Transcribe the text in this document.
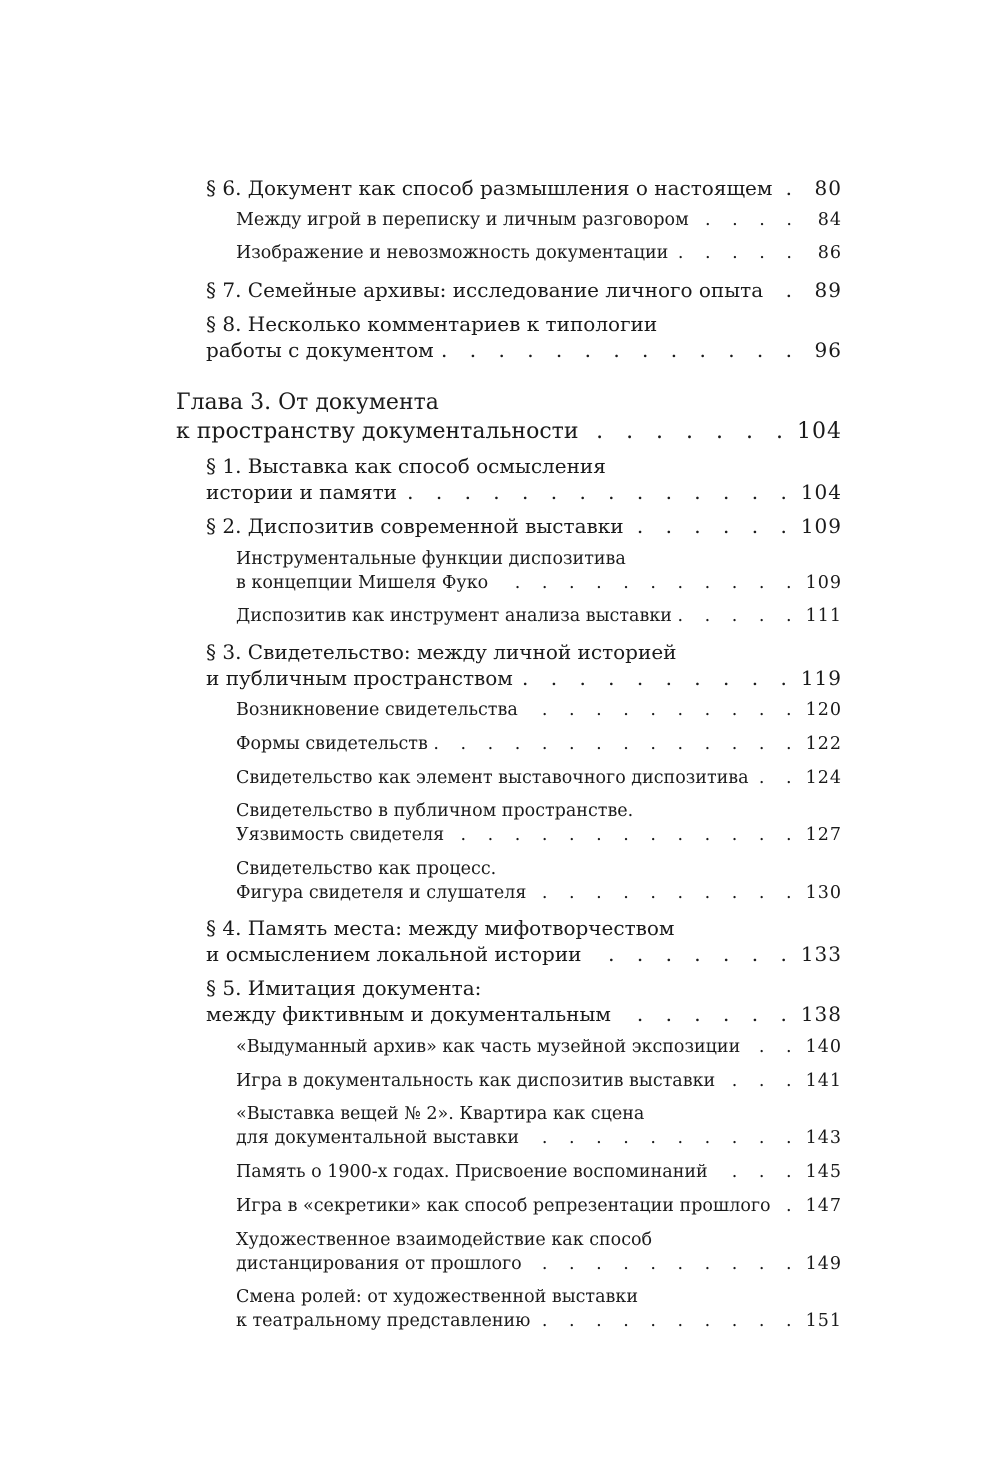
§ 6. Документ как способ размышления о настоящем . . .	80
Между игрой в переписку и личным разговором . . .	84
Изображение и невозможность документации . . .	86
§ 7. Семейные архивы: исследование личного опыта . . .	89
§ 8. Несколько комментариев к типологии
работы с документом . . .	96
Глава 3. От документа
к пространству документальности . . .	104
§ 1. Выставка как способ осмысления
истории и памяти . . .	104
§ 2. Диспозитив современной выставки . . .	109
Инструментальные функции диспозитива
в концепции Мишеля Фуко . . .	109
Диспозитив как инструмент анализа выставки . . .	111
§ 3. Свидетельство: между личной историей
и публичным пространством . . .	119
Возникновение свидетельства . . .	120
Формы свидетельств . . .	122
Свидетельство как элемент выставочного диспозитива . . .	124
Свидетельство в публичном пространстве.
Уязвимость свидетеля . . .	127
Свидетельство как процесс.
Фигура свидетеля и слушателя . . .	130
§ 4. Память места: между мифотворчеством
и осмыслением локальной истории . . .	133
§ 5. Имитация документа:
между фиктивным и документальным . . .	138
«Выдуманный архив» как часть музейной экспозиции . . .	140
Игра в документальность как диспозитив выставки . . .	141
«Выставка вещей № 2». Квартира как сцена
для документальной выставки . . .	143
Память о 1900-х годах. Присвоение воспоминаний . . .	145
Игра в «секретики» как способ репрезентации прошлого . . . 147
Художественное взаимодействие как способ
дистанцирования от прошлого . . .	149
Смена ролей: от художественной выставки
к театральному представлению . . .	151
